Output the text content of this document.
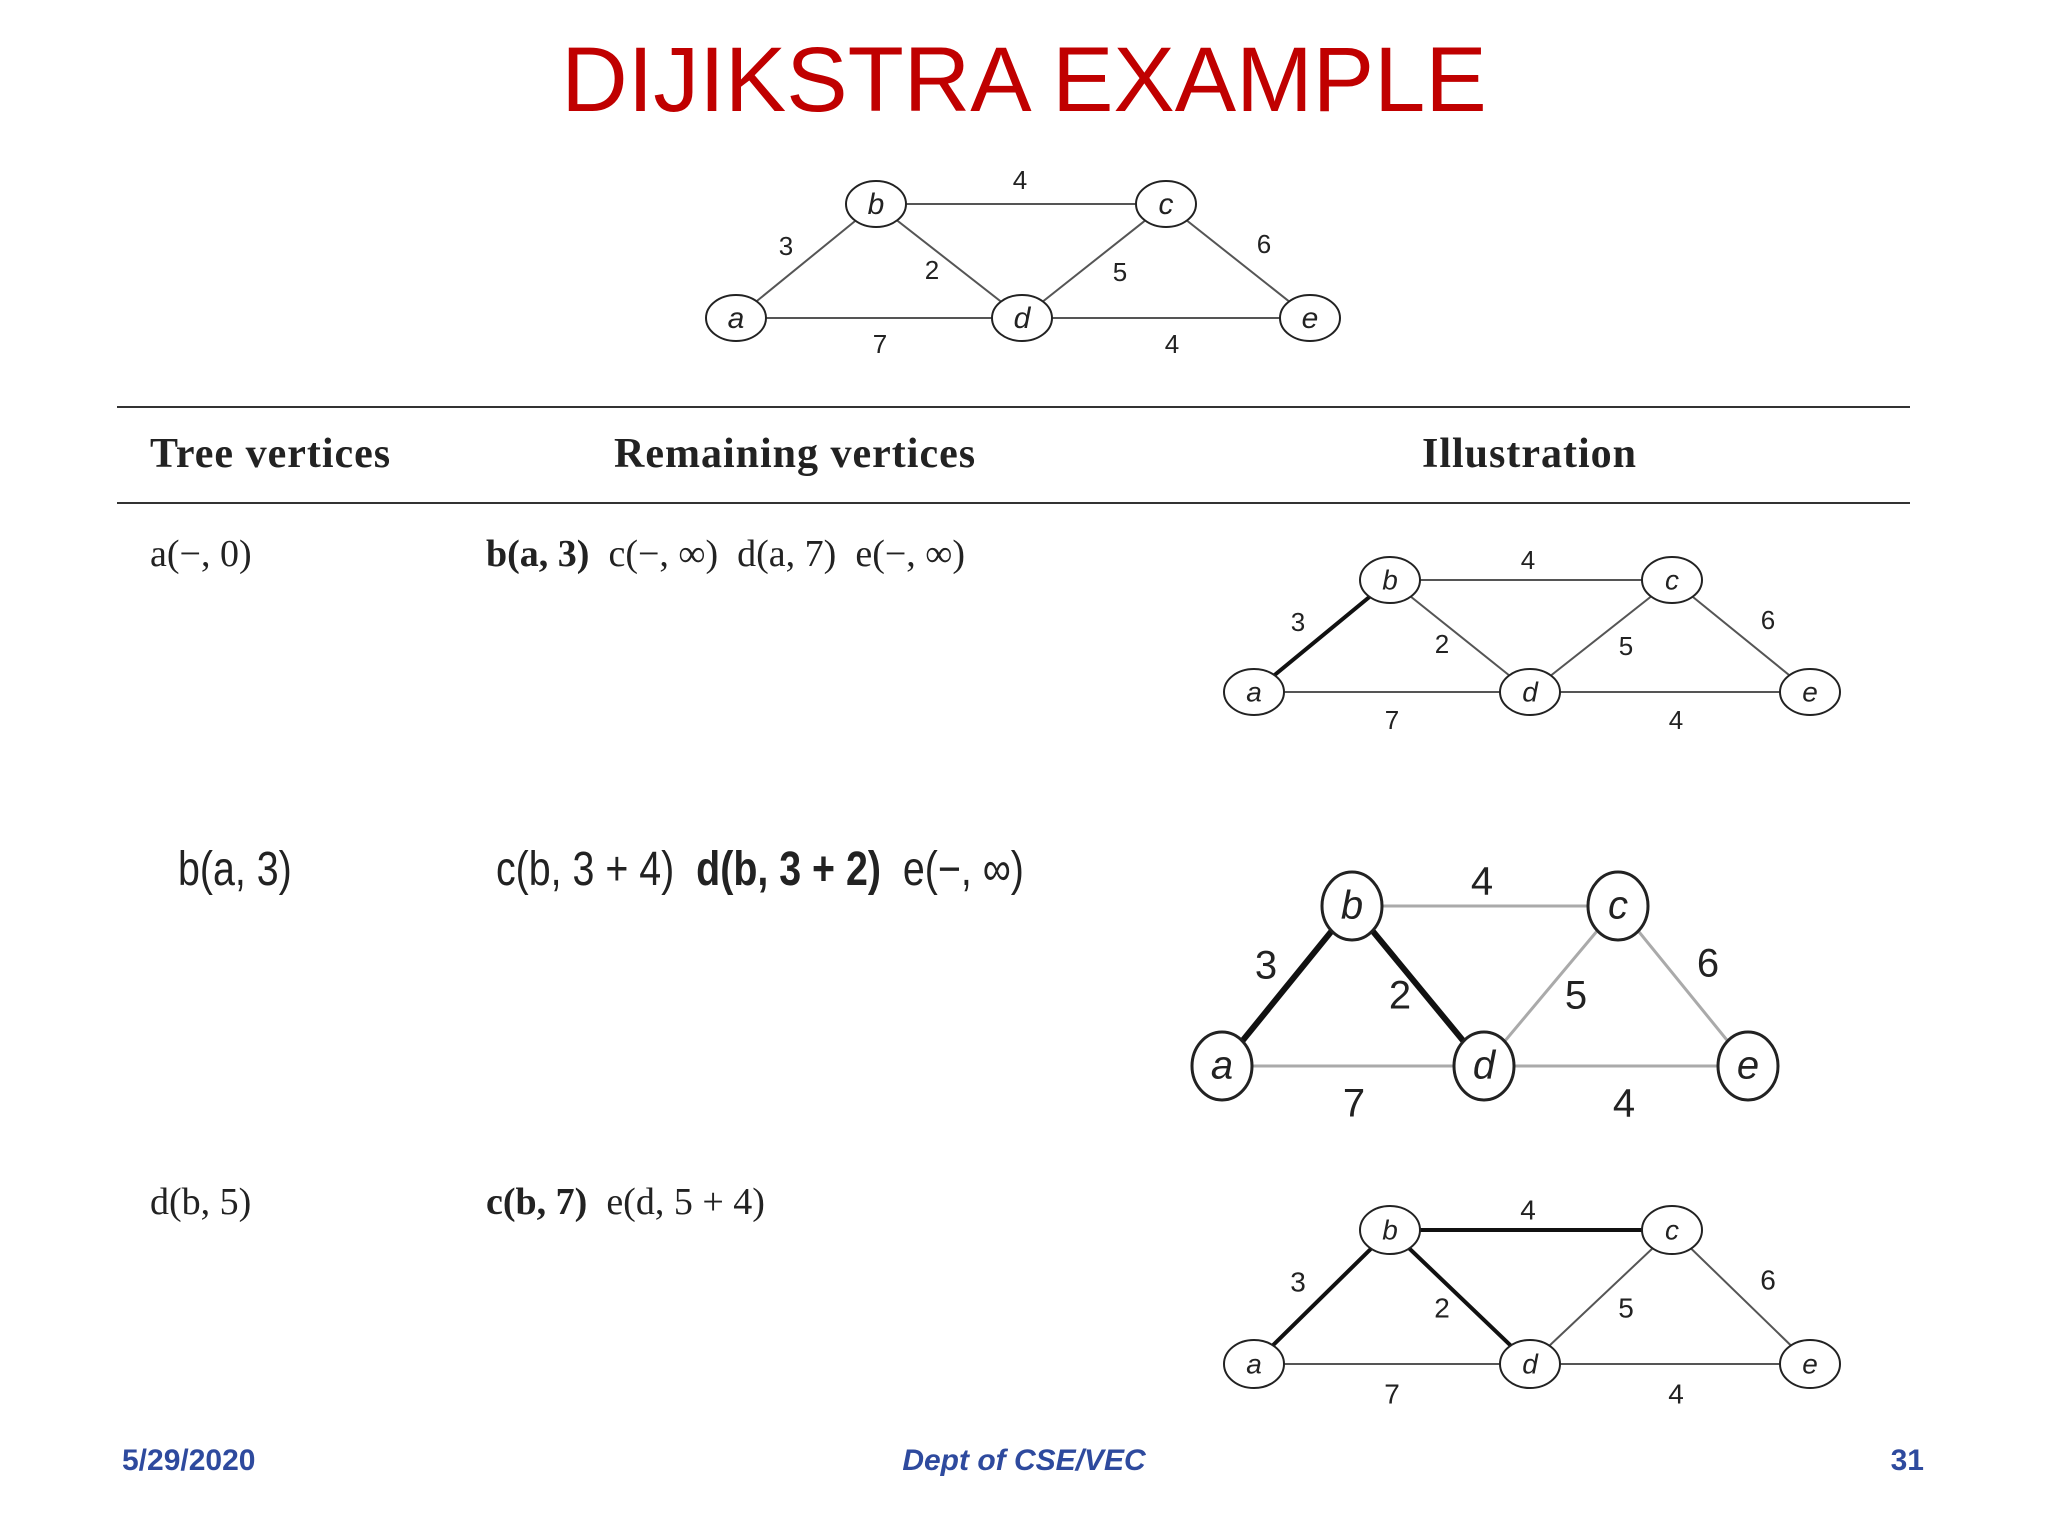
DIJIKSTRA EXAMPLE
3
4
2	5
6
7	4
a
b	c
d	e
Tree vertices	Remaining vertices	Illustration
a(−, 0)	b(a, 3) c(−, ∞)  d(a, 7)  e(−, ∞)
3
4
2	5
6
7	4
a
b	c
d	e
b(a, 3)	c(b, 3 + 4) d(b, 3 + 2) e(−, ∞)
3
4
2	5
6
7	4
a
b	c
d	e
d(b, 5)	c(b, 7) e(d, 5 + 4)
3
4
2	5
6
7	4
a
b	c
d	e
5/29/2020	Dept of CSE/VEC	31
